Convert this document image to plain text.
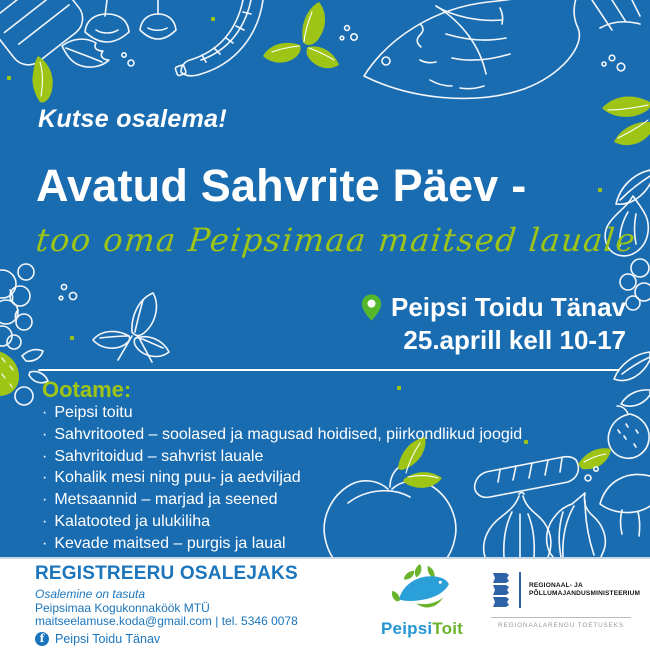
Kutse osalema!
Avatud Sahvrite Päev -
too oma Peipsimaa maitsed lauale
Peipsi Toidu Tänav
25.aprill kell 10-17
Ootame:
· Peipsi toitu
· Sahvritooted – soolased ja magusad hoidised, piirkondlikud joogid
· Sahvritoidud – sahvrist lauale
· Kohalik mesi ning puu- ja aedviljad
· Metsaannid – marjad ja seened
· Kalatooted ja ulukiliha
· Kevade maitsed – purgis ja laual
REGISTREERU OSALEJAKS
Osalemine on tasuta
Peipsimaa Kogukonnaköök MTÜ
maitseelamuse.koda@gmail.com | tel. 5346 0078
f Peipsi Toidu Tänav
PeipsiToit
REGIONAAL- JA
PÕLLUMAJANDUSMINISTEERIUM
REGIONAALARENGU TOETUSEKS
